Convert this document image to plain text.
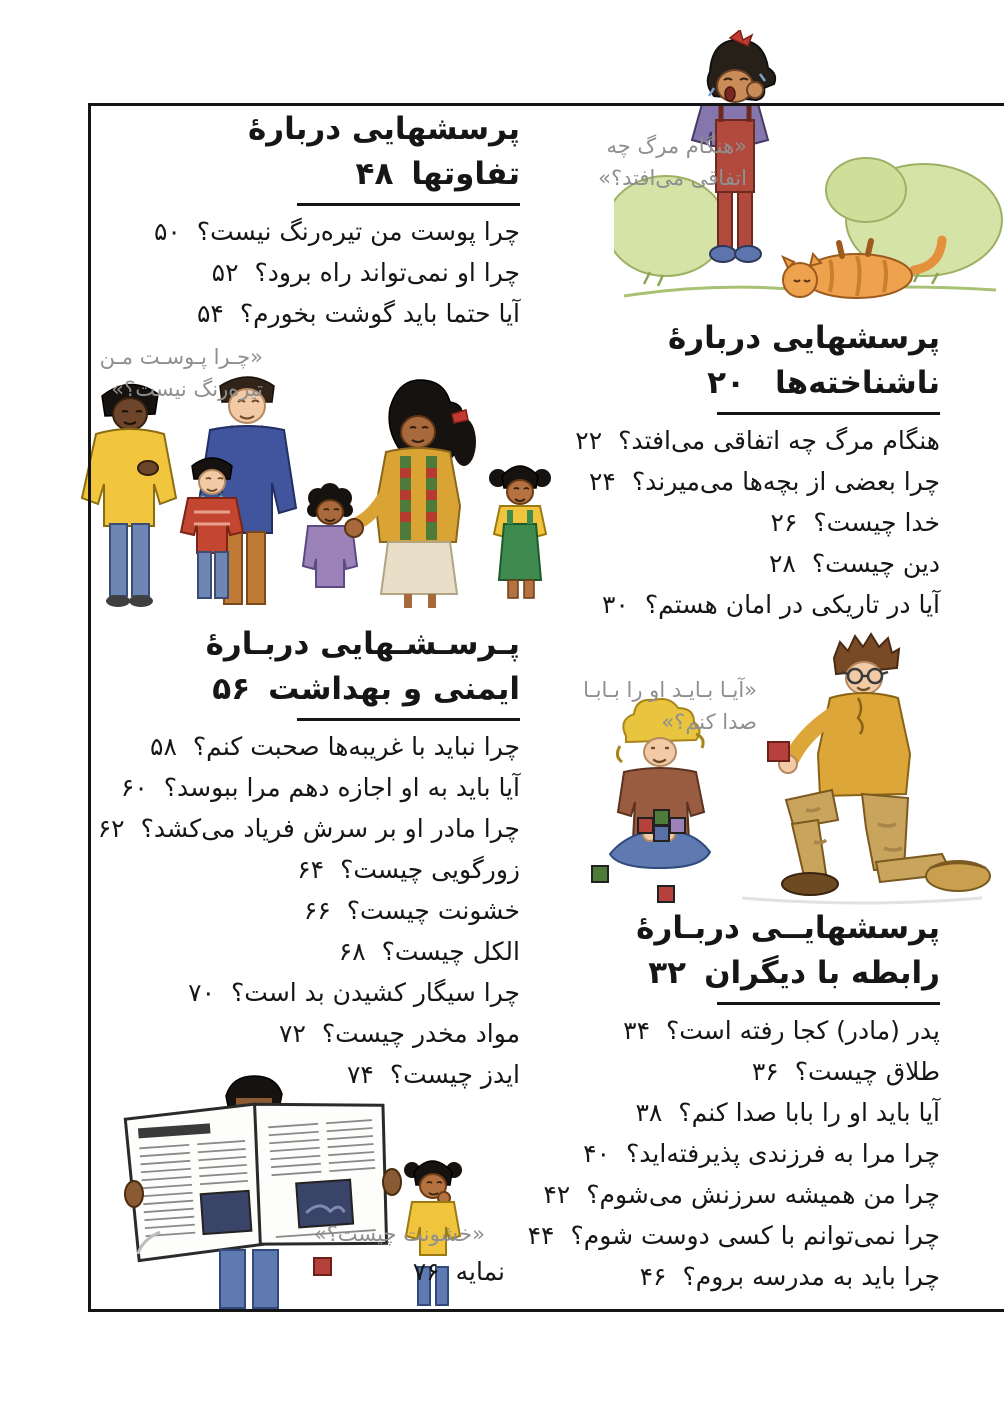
پرسشهایی دربارهٔ
تفاوتها۴۸
چرا پوست من تیره‌رنگ نیست؟۵۰
چرا او نمی‌تواند راه برود؟۵۲
آیا حتما باید گوشت بخورم؟۵۴
پرسشهایی دربارهٔ
ناشناخته‌ها۲۰
هنگام مرگ چه اتفاقی می‌افتد؟۲۲
چرا بعضی از بچه‌ها می‌میرند؟۲۴
خدا چیست؟۲۶
دین چیست؟۲۸
آیا در تاریکی در امان هستم؟۳۰
پـرسـشـهایی دربـارهٔ
ایمنی و بهداشت۵۶
چرا نباید با غریبه‌ها صحبت کنم؟۵۸
آیا باید به او اجازه دهم مرا ببوسد؟۶۰
چرا مادر او بر سرش فریاد می‌کشد؟۶۲
زورگویی چیست؟۶۴
خشونت چیست؟۶۶
الکل چیست؟۶۸
چرا سیگار کشیدن بد است؟۷۰
مواد مخدر چیست؟۷۲
ایدز چیست؟۷۴
پرسشهایــی دربـارهٔ
رابطه با دیگران۳۲
پدر (مادر) کجا رفته است؟۳۴
طلاق چیست؟۳۶
آیا باید او را بابا صدا کنم؟۳۸
چرا مرا به فرزندی پذیرفته‌اید؟۴۰
چرا من همیشه سرزنش می‌شوم؟۴۲
چرا نمی‌توانم با کسی دوست شوم؟۴۴
چرا باید به مدرسه بروم؟۴۶
«هنگام مرگ چه
اتفاقی می‌افتد؟»
«چـرا پـوسـت مـن
تیره‌رنگ نیست؟»
«آیـا بـایـد او را بـابـا
صدا کنم؟»
«خشونت چیست؟»
نمایه۷۶
